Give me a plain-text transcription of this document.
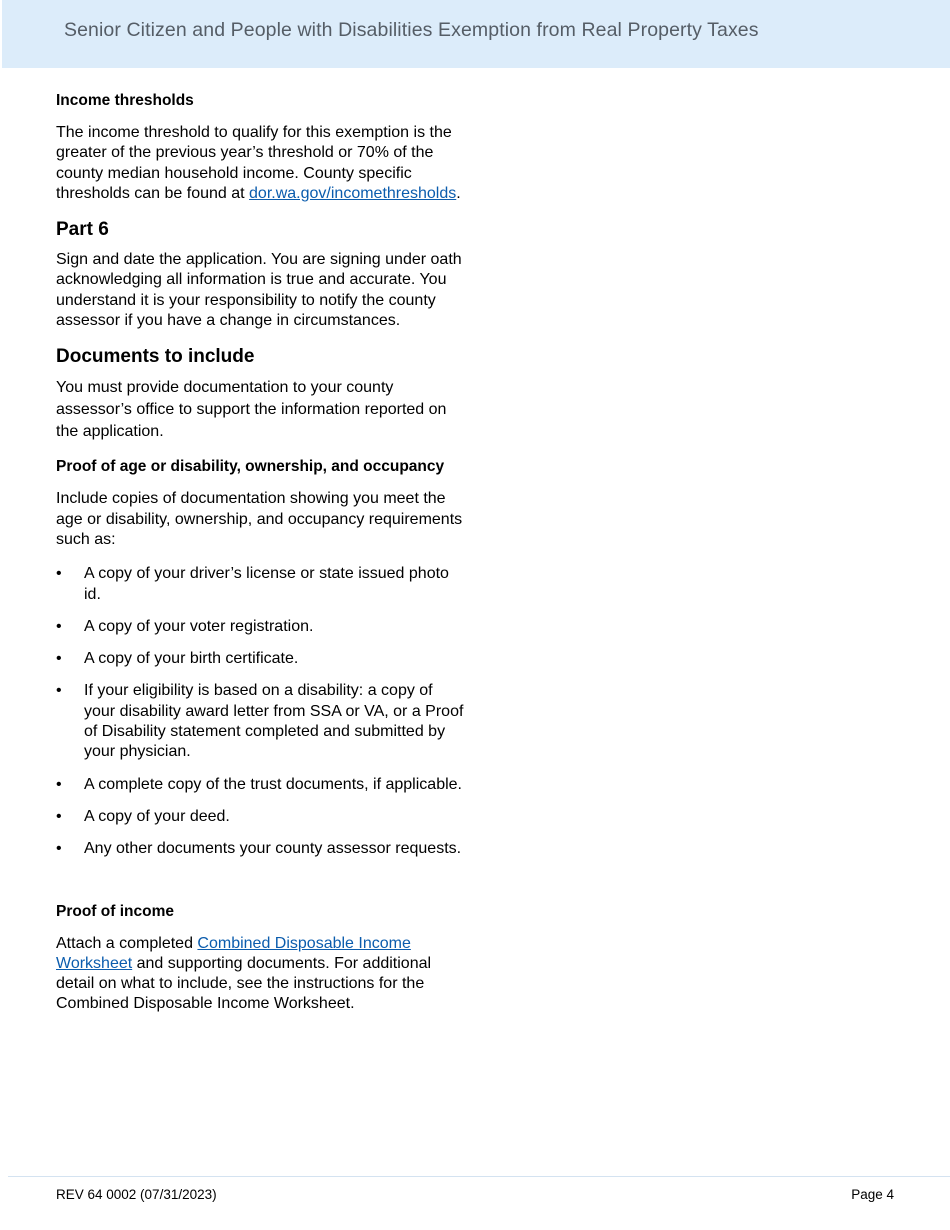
Senior Citizen and People with Disabilities Exemption from Real Property Taxes
Income thresholds

The income threshold to qualify for this exemption is the greater of the previous year’s threshold or 70% of the county median household income. County specific thresholds can be found at dor.wa.gov/incomethresholds.

Part 6

Sign and date the application. You are signing under oath acknowledging all information is true and accurate. You understand it is your responsibility to notify the county assessor if you have a change in circumstances.

Documents to include

You must provide documentation to your county assessor’s office to support the information reported on the application.

Proof of age or disability, ownership, and occupancy

Include copies of documentation showing you meet the age or disability, ownership, and occupancy requirements such as:

• A copy of your driver’s license or state issued photo id.
• A copy of your voter registration.
• A copy of your birth certificate.
• If your eligibility is based on a disability: a copy of your disability award letter from SSA or VA, or a Proof of Disability statement completed and submitted by your physician.
• A complete copy of the trust documents, if applicable.
• A copy of your deed.
• Any other documents your county assessor requests.
Proof of income

Attach a completed Combined Disposable Income Worksheet and supporting documents. For additional detail on what to include, see the instructions for the Combined Disposable Income Worksheet.

REV 64 0002 (07/31/2023)	Page 4
